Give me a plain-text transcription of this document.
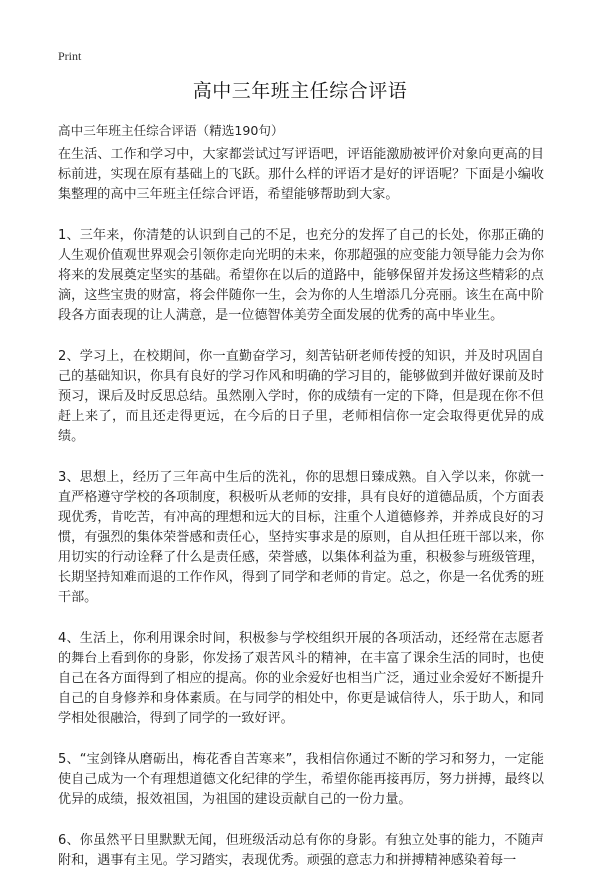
Print
高中三年班主任综合评语

高中三年班主任综合评语（精选190句）

在生活、工作和学习中，大家都尝试过写评语吧，评语能激励被评价对象向更高的目标前进，实现在原有基础上的飞跃。那什么样的评语才是好的评语呢？下面是小编收集整理的高中三年班主任综合评语，希望能够帮助到大家。

1、三年来，你清楚的认识到自己的不足，也充分的发挥了自己的长处，你那正确的人生观价值观世界观会引领你走向光明的未来，你那超强的应变能力领导能力会为你将来的发展奠定坚实的基础。希望你在以后的道路中，能够保留并发扬这些精彩的点滴，这些宝贵的财富，将会伴随你一生，会为你的人生增添几分亮丽。该生在高中阶段各方面表现的让人满意，是一位德智体美劳全面发展的优秀的高中毕业生。

2、学习上，在校期间，你一直勤奋学习，刻苦钻研老师传授的知识，并及时巩固自己的基础知识，你具有良好的学习作风和明确的学习目的，能够做到并做好课前及时预习，课后及时反思总结。虽然刚入学时，你的成绩有一定的下降，但是现在你不但赶上来了，而且还走得更远，在今后的日子里，老师相信你一定会取得更优异的成绩。

3、思想上，经历了三年高中生后的洗礼，你的思想日臻成熟。自入学以来，你就一直严格遵守学校的各项制度，积极听从老师的安排，具有良好的道德品质，个方面表现优秀，肯吃苦，有冲高的理想和远大的目标，注重个人道德修养，并养成良好的习惯，有强烈的集体荣誉感和责任心，坚持实事求是的原则，自从担任班干部以来，你用切实的行动诠释了什么是责任感，荣誉感，以集体利益为重，积极参与班级管理，长期坚持知难而退的工作作风，得到了同学和老师的肯定。总之，你是一名优秀的班干部。

4、生活上，你利用课余时间，积极参与学校组织开展的各项活动，还经常在志愿者的舞台上看到你的身影，你发扬了艰苦风斗的精神，在丰富了课余生活的同时，也使自己在各方面得到了相应的提高。你的业余爱好也相当广泛，通过业余爱好不断提升自己的自身修养和身体素质。在与同学的相处中，你更是诚信待人，乐于助人，和同学相处很融洽，得到了同学的一致好评。

5、“宝剑锋从磨砺出，梅花香自苦寒来”，我相信你通过不断的学习和努力，一定能使自己成为一个有理想道德文化纪律的学生，希望你能再接再厉，努力拼搏，最终以优异的成绩，报效祖国，为祖国的建设贡献自己的一份力量。

6、你虽然平日里默默无闻，但班级活动总有你的身影。有独立处事的能力，不随声附和，遇事有主见。学习踏实，表现优秀。顽强的意志力和拼搏精神感染着每一
